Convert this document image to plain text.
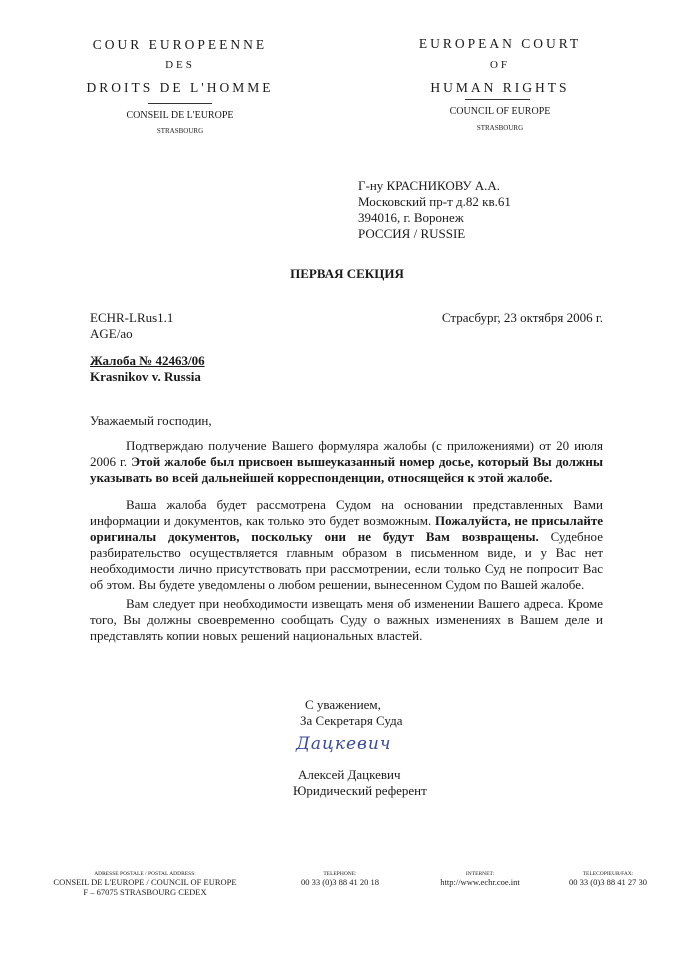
COUR EUROPEENNE
DES
DROITS DE L'HOMME
CONSEIL DE L'EUROPE
STRASBOURG
EUROPEAN COURT
OF
HUMAN RIGHTS
COUNCIL OF EUROPE
STRASBOURG
Г-ну КРАСНИКОВУ А.А.
Московский пр-т д.82 кв.61
394016, г. Воронеж
РОССИЯ / RUSSIE
ПЕРВАЯ СЕКЦИЯ
ECHR-LRus1.1
AGE/ao
Страсбург, 23 октября 2006 г.
Жалоба № 42463/06
Krasnikov v. Russia
Уважаемый господин,
Подтверждаю получение Вашего формуляра жалобы (с приложениями) от 20 июля 2006 г. Этой жалобе был присвоен вышеуказанный номер досье, который Вы должны указывать во всей дальнейшей корреспонденции, относящейся к этой жалобе.
Ваша жалоба будет рассмотрена Судом на основании представленных Вами информации и документов, как только это будет возможным. Пожалуйста, не присылайте оригиналы документов, поскольку они не будут Вам возвращены. Судебное разбирательство осуществляется главным образом в письменном виде, и у Вас нет необходимости лично присутствовать при рассмотрении, если только Суд не попросит Вас об этом. Вы будете уведомлены о любом решении, вынесенном Судом по Вашей жалобе.
Вам следует при необходимости извещать меня об изменении Вашего адреса. Кроме того, Вы должны своевременно сообщать Суду о важных изменениях в Вашем деле и представлять копии новых решений национальных властей.
С уважением,
За Секретаря Суда
Дацкевич
Алексей Дацкевич
Юридический референт
ADRESSE POSTALE / POSTAL ADDRESS:
CONSEIL DE L'EUROPE / COUNCIL OF EUROPE
F – 67075 STRASBOURG CEDEX
TELEPHONE:
00 33 (0)3 88 41 20 18
INTERNET:
http://www.echr.coe.int
TELECOPIEUR/FAX:
00 33 (0)3 88 41 27 30
